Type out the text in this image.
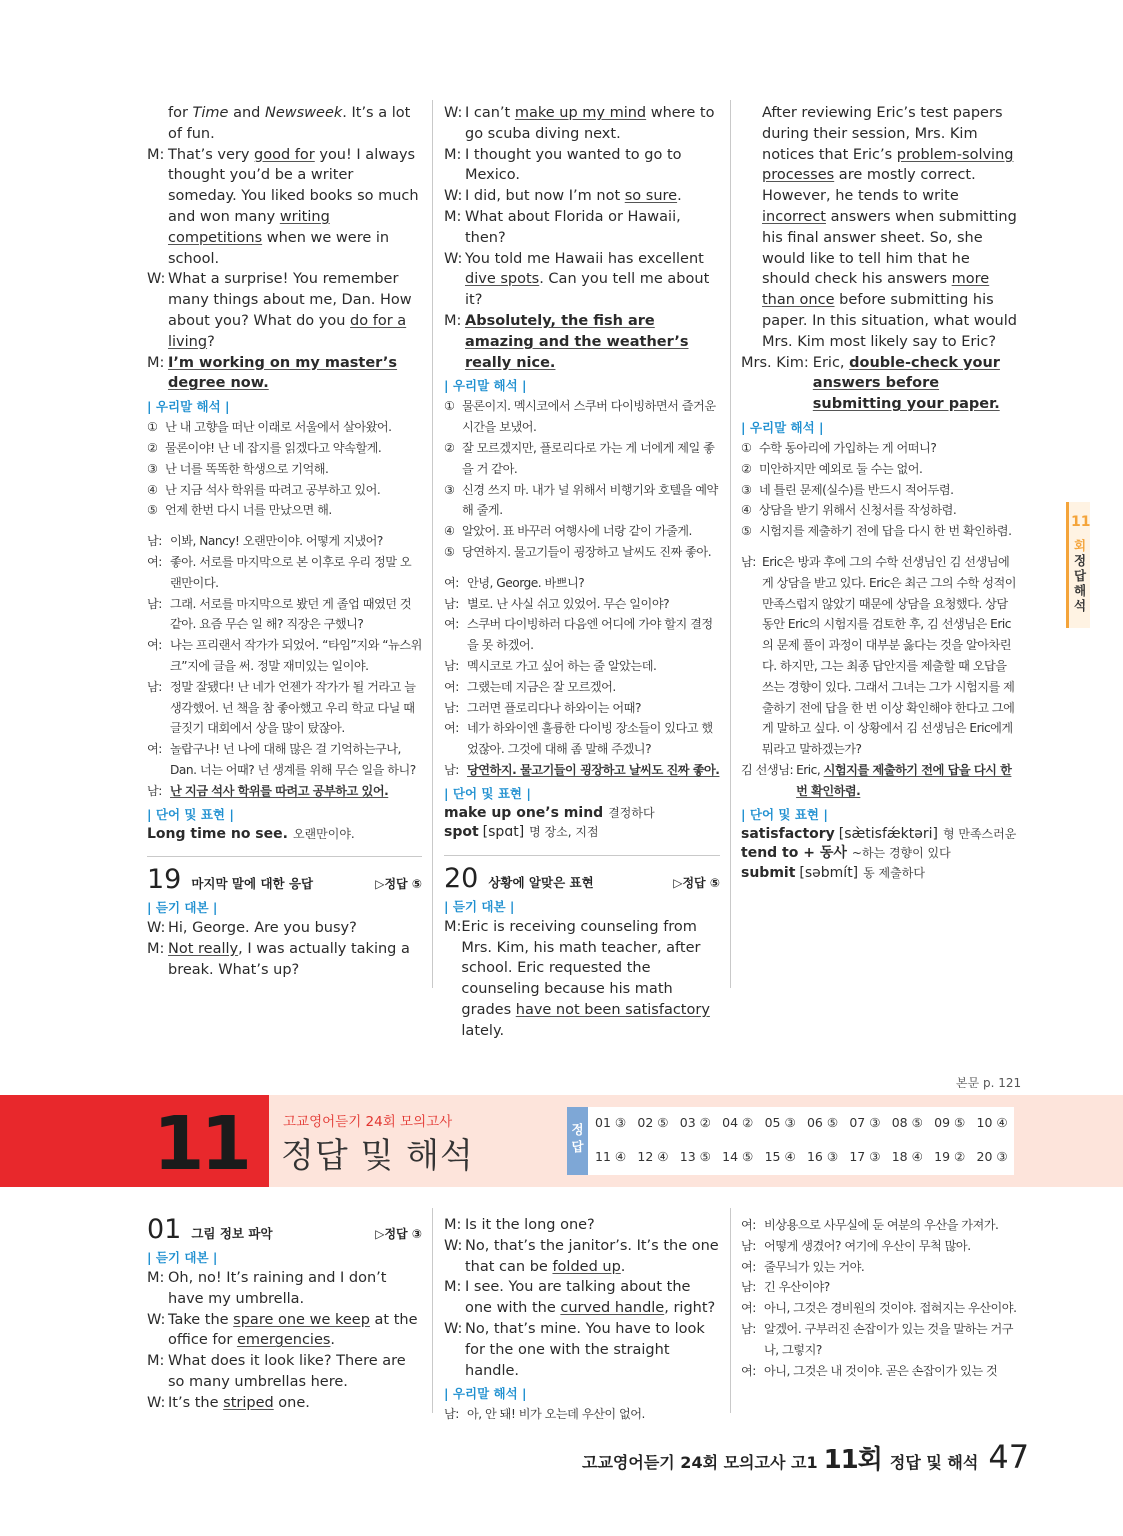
for Time and Newsweek. It’s a lot of fun.
M: That’s very good for you! I always thought you’d be a writer someday. You liked books so much and won many writing competitions when we were in school.
W: What a surprise! You remember many things about me, Dan. How about you? What do you do for a living?
M: I’m working on my master’s degree now.
| 우리말 해석 |
① 난 내 고향을 떠난 이래로 서울에서 살아왔어.
② 물론이야! 난 네 잡지를 읽겠다고 약속할게.
③ 난 너를 똑똑한 학생으로 기억해.
④ 난 지금 석사 학위를 따려고 공부하고 있어.
⑤ 언제 한번 다시 너를 만났으면 해.
남: 이봐, Nancy! 오랜만이야. 어떻게 지냈어?
여: 좋아. 서로를 마지막으로 본 이후로 우리 정말 오랜만이다.
남: 그래. 서로를 마지막으로 봤던 게 졸업 때였던 것 같아. 요즘 무슨 일 해? 직장은 구했니?
여: 나는 프리랜서 작가가 되었어. “타임”지와 “뉴스위크”지에 글을 써. 정말 재미있는 일이야.
남: 정말 잘됐다! 난 네가 언젠가 작가가 될 거라고 늘 생각했어. 넌 책을 참 좋아했고 우리 학교 다닐 때 글짓기 대회에서 상을 많이 탔잖아.
여: 놀랍구나! 넌 나에 대해 많은 걸 기억하는구나, Dan. 너는 어때? 넌 생계를 위해 무슨 일을 하니?
남: 난 지금 석사 학위를 따려고 공부하고 있어.
| 단어 및 표현 |
Long time no see. 오랜만이야.
19 마지막 말에 대한 응답	▷정답 ⑤
| 듣기 대본 |
W: Hi, George. Are you busy?
M: Not really, I was actually taking a break. What’s up?
W: I can’t make up my mind where to go scuba diving next.
M: I thought you wanted to go to Mexico.
W: I did, but now I’m not so sure.
M: What about Florida or Hawaii, then?
W: You told me Hawaii has excellent dive spots. Can you tell me about it?
M: Absolutely, the fish are amazing and the weather’s really nice.
| 우리말 해석 |
① 물론이지. 멕시코에서 스쿠버 다이빙하면서 즐거운 시간을 보냈어.
② 잘 모르겠지만, 플로리다로 가는 게 너에게 제일 좋을 거 같아.
③ 신경 쓰지 마. 내가 널 위해서 비행기와 호텔을 예약해 줄게.
④ 알았어. 표 바꾸러 여행사에 너랑 같이 가줄게.
⑤ 당연하지. 물고기들이 굉장하고 날씨도 진짜 좋아.
여: 안녕, George. 바쁘니?
남: 별로. 난 사실 쉬고 있었어. 무슨 일이야?
여: 스쿠버 다이빙하러 다음엔 어디에 가야 할지 결정을 못 하겠어.
남: 멕시코로 가고 싶어 하는 줄 알았는데.
여: 그랬는데 지금은 잘 모르겠어.
남: 그러면 플로리다나 하와이는 어때?
여: 네가 하와이엔 훌륭한 다이빙 장소들이 있다고 했었잖아. 그것에 대해 좀 말해 주겠니?
남: 당연하지. 물고기들이 굉장하고 날씨도 진짜 좋아.
| 단어 및 표현 |
make up one’s mind 결정하다
spot [spɑt] 명 장소, 지점
20 상황에 알맞은 표현	▷정답 ⑤
| 듣기 대본 |
M: Eric is receiving counseling from Mrs. Kim, his math teacher, after school. Eric requested the counseling because his math grades have not been satisfactory lately.
After reviewing Eric’s test papers during their session, Mrs. Kim notices that Eric’s problem-solving processes are mostly correct. However, he tends to write incorrect answers when submitting his final answer sheet. So, she would like to tell him that he should check his answers more than once before submitting his paper. In this situation, what would Mrs. Kim most likely say to Eric?
Mrs. Kim: Eric, double-check your answers before submitting your paper.
| 우리말 해석 |
① 수학 동아리에 가입하는 게 어떠니?
② 미안하지만 예외로 둘 수는 없어.
③ 네 틀린 문제(실수)를 반드시 적어두렴.
④ 상담을 받기 위해서 신청서를 작성하렴.
⑤ 시험지를 제출하기 전에 답을 다시 한 번 확인하렴.
남: Eric은 방과 후에 그의 수학 선생님인 김 선생님에게 상담을 받고 있다. Eric은 최근 그의 수학 성적이 만족스럽지 않았기 때문에 상담을 요청했다. 상담 동안 Eric의 시험지를 검토한 후, 김 선생님은 Eric의 문제 풀이 과정이 대부분 옳다는 것을 알아차린다. 하지만, 그는 최종 답안지를 제출할 때 오답을 쓰는 경향이 있다. 그래서 그녀는 그가 시험지를 제출하기 전에 답을 한 번 이상 확인해야 한다고 그에게 말하고 싶다. 이 상황에서 김 선생님은 Eric에게 뭐라고 말하겠는가?
김 선생님: Eric, 시험지를 제출하기 전에 답을 다시 한 번 확인하렴.
| 단어 및 표현 |
satisfactory [sæ̀tisfǽktəri] 형 만족스러운
tend to + 동사 ~하는 경향이 있다
submit [səbmít] 동 제출하다
11
회
정답해석
본문 p. 121
11	고교영어듣기 24회 모의고사
정답 및 해석
정답
01 ③ 02 ⑤ 03 ② 04 ② 05 ③ 06 ⑤ 07 ③ 08 ⑤ 09 ⑤ 10 ④
11 ④ 12 ④ 13 ⑤ 14 ⑤ 15 ④ 16 ③ 17 ③ 18 ④ 19 ② 20 ③
01 그림 정보 파악	▷정답 ③
| 듣기 대본 |
M: Oh, no! It’s raining and I don’t have my umbrella.
W: Take the spare one we keep at the office for emergencies.
M: What does it look like? There are so many umbrellas here.
W: It’s the striped one.
M: Is it the long one?
W: No, that’s the janitor’s. It’s the one that can be folded up.
M: I see. You are talking about the one with the curved handle, right?
W: No, that’s mine. You have to look for the one with the straight handle.
| 우리말 해석 |
남: 아, 안 돼! 비가 오는데 우산이 없어.
여: 비상용으로 사무실에 둔 여분의 우산을 가져가.
남: 어떻게 생겼어? 여기에 우산이 무척 많아.
여: 줄무늬가 있는 거야.
남: 긴 우산이야?
여: 아니, 그것은 경비원의 것이야. 접혀지는 우산이야.
남: 알겠어. 구부러진 손잡이가 있는 것을 말하는 거구나, 그렇지?
여: 아니, 그것은 내 것이야. 곧은 손잡이가 있는 것
고교영어듣기 24회 모의고사 고1 11회 정답 및 해석 47
